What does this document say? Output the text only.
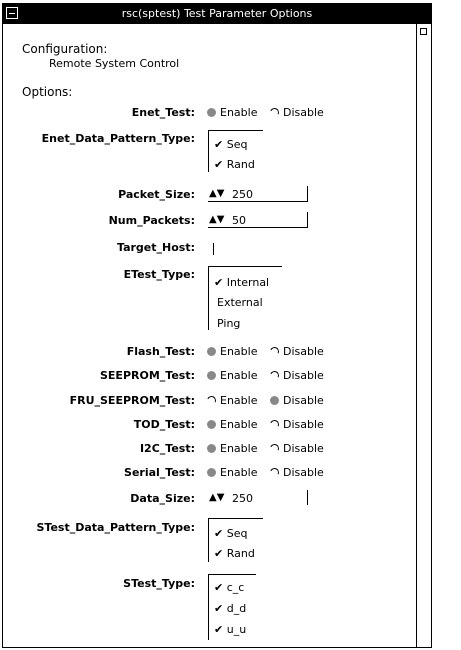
rsc(sptest) Test Parameter Options
Configuration:
Remote System Control
Options:
Enet_Test: Enable Disable
Enet_Data_Pattern_Type: ✔ Seq
✔ Rand
Packet_Size: ▲▼ 250
Num_Packets: ▲▼ 50
Target_Host:
ETest_Type:
✔ Internal
External
Ping
Flash_Test: Enable Disable
SEEPROM_Test: Enable Disable
FRU_SEEPROM_Test: Enable Disable
TOD_Test: Enable Disable
I2C_Test: Enable Disable
Serial_Test: Enable Disable
Data_Size: ▲▼ 250
STest_Data_Pattern_Type: ✔ Seq
✔ Rand
STest_Type: ✔ c_c
✔ d_d
✔ u_u
